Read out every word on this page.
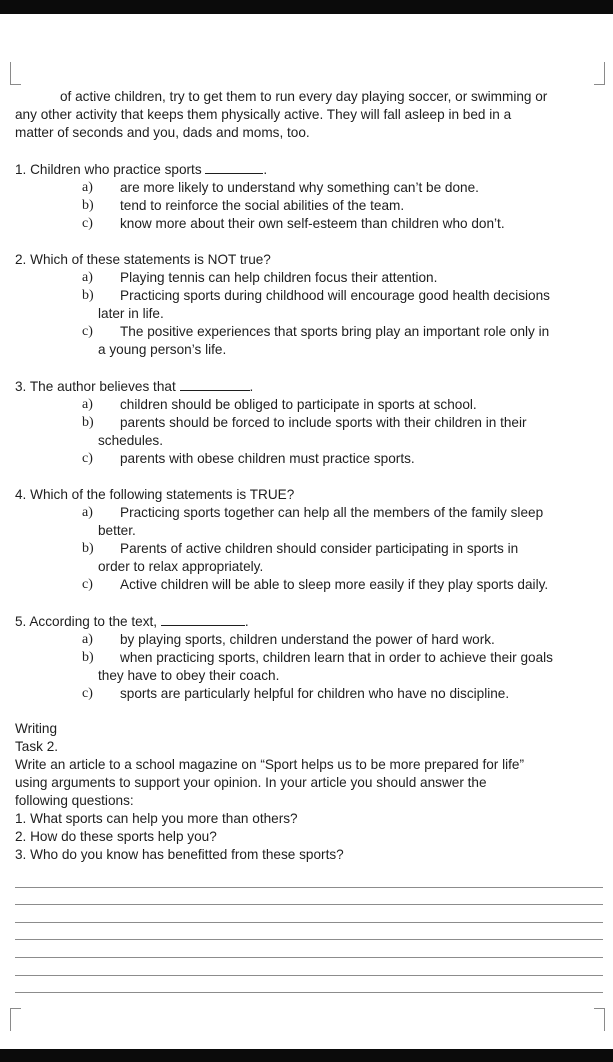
of active children, try to get them to run every day playing soccer, or swimming or
any other activity that keeps them physically active. They will fall asleep in bed in a
matter of seconds and you, dads and moms, too.

1. Children who practice sports	.

a) are more likely to understand why something can’t be done.

b) tend to reinforce the social abilities of the team.

c) know more about their own self-esteem than children who don’t.

2. Which of these statements is NOT true?

a) Playing tennis can help children focus their attention.

b) Practicing sports during childhood will encourage good health decisions
later in life.

c) The positive experiences that sports bring play an important role only in
a young person’s life.

3. The author believes that	.

a) children should be obliged to participate in sports at school.

b) parents should be forced to include sports with their children in their
schedules.

c) parents with obese children must practice sports.

4. Which of the following statements is TRUE?

a) Practicing sports together can help all the members of the family sleep
better.

b) Parents of active children should consider participating in sports in
order to relax appropriately.

c) Active children will be able to sleep more easily if they play sports daily.

5. According to the text,	.

a) by playing sports, children understand the power of hard work.

b) when practicing sports, children learn that in order to achieve their goals
they have to obey their coach.

c) sports are particularly helpful for children who have no discipline.

Writing

Task 2.

Write an article to a school magazine on “Sport helps us to be more prepared for life”

using arguments to support your opinion. In your article you should answer the

following questions:

1. What sports can help you more than others?

2. How do these sports help you?

3. Who do you know has benefitted from these sports?
